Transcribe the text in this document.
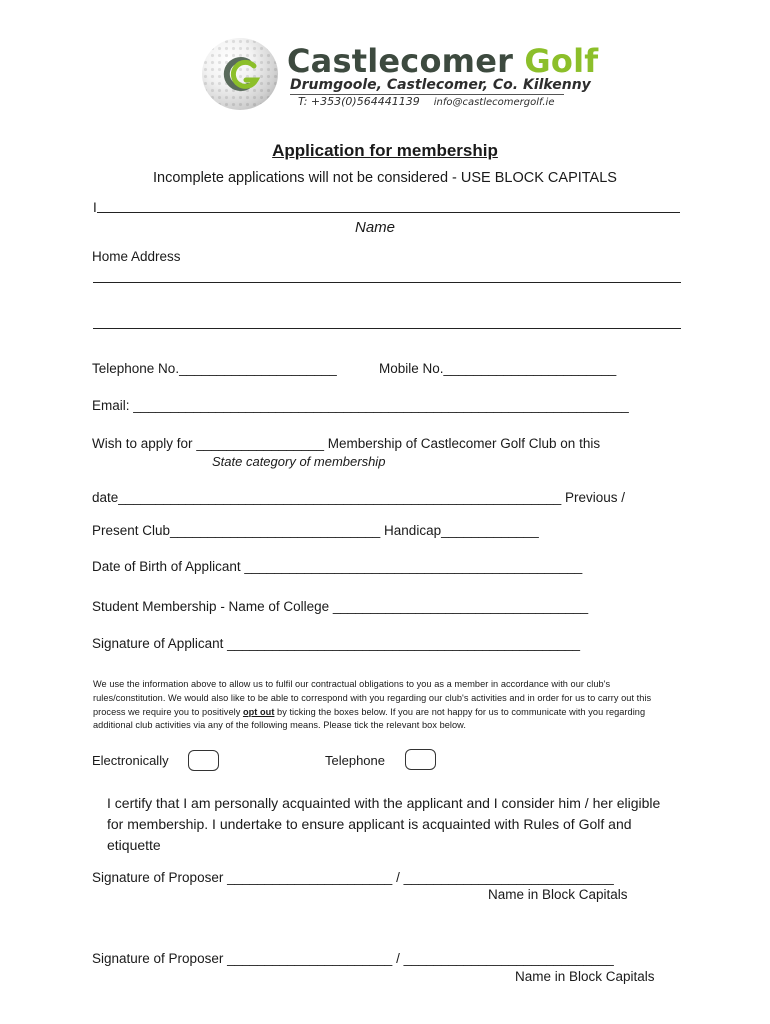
Castlecomer Golf
Drumgoole, Castlecomer, Co. Kilkenny
T: +353(0)564441139 info@castlecomergolf.ie
Application for membership
Incomplete applications will not be considered - USE BLOCK CAPITALS
I
Name
Home Address
Telephone No._____________________	Mobile No._______________________
Email: __________________________________________________________________
Wish to apply for _________________ Membership of Castlecomer Golf Club on this
State category of membership
date___________________________________________________________ Previous /
Present Club____________________________ Handicap_____________
Date of Birth of Applicant _____________________________________________
Student Membership - Name of College __________________________________
Signature of Applicant _______________________________________________
We use the information above to allow us to fulfil our contractual obligations to you as a member in accordance with our club's rules/constitution. We would also like to be able to correspond with you regarding our club's activities and in order for us to carry out this process we require you to positively opt out by ticking the boxes below. If you are not happy for us to communicate with you regarding additional club activities via any of the following means. Please tick the relevant box below.
Electronically	Telephone
I certify that I am personally acquainted with the applicant and I consider him / her eligible for membership. I undertake to ensure applicant is acquainted with Rules of Golf and etiquette
Signature of Proposer ______________________ / ____________________________
Name in Block Capitals
Signature of Proposer ______________________ / ____________________________
Name in Block Capitals
